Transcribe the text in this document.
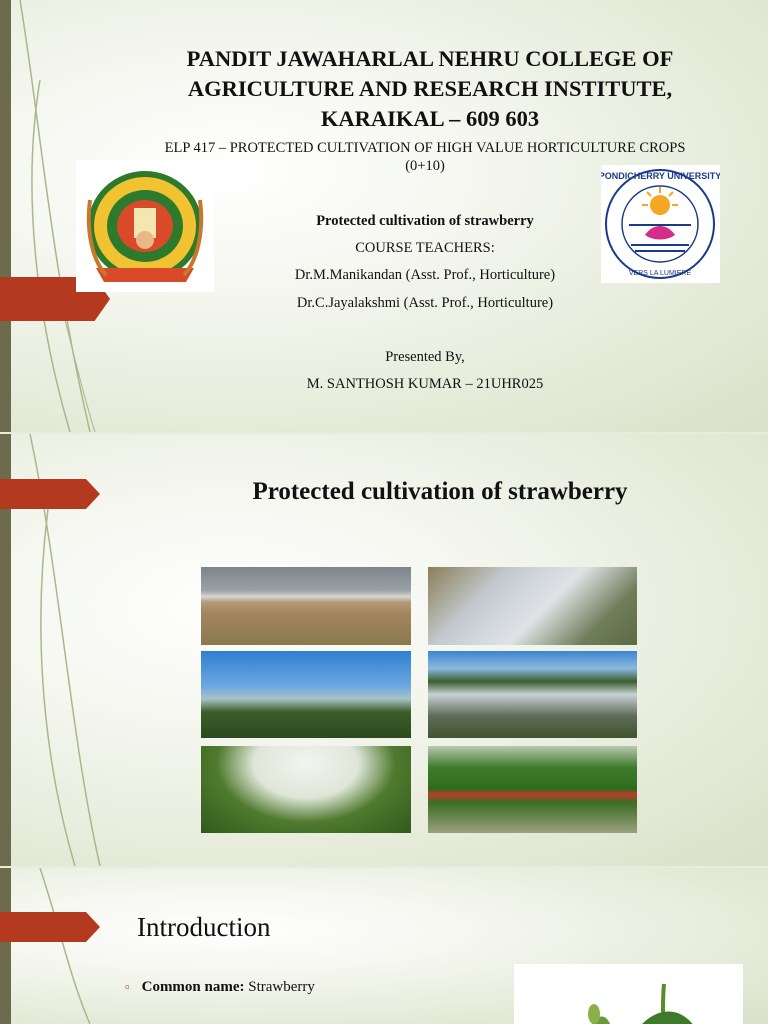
PANDIT JAWAHARLAL NEHRU COLLEGE OF AGRICULTURE AND RESEARCH INSTITUTE, KARAIKAL – 609 603
ELP 417 – PROTECTED CULTIVATION OF HIGH VALUE HORTICULTURE CROPS (0+10)
PONDICHERRY UNIVERSITY
VERS LA LUMIERE
Protected cultivation of strawberry
COURSE TEACHERS:
Dr.M.Manikandan (Asst. Prof., Horticulture)
Dr.C.Jayalakshmi (Asst. Prof., Horticulture)
Presented By,
M. SANTHOSH KUMAR – 21UHR025
Protected cultivation of strawberry
Introduction
▫ Common name: Strawberry
